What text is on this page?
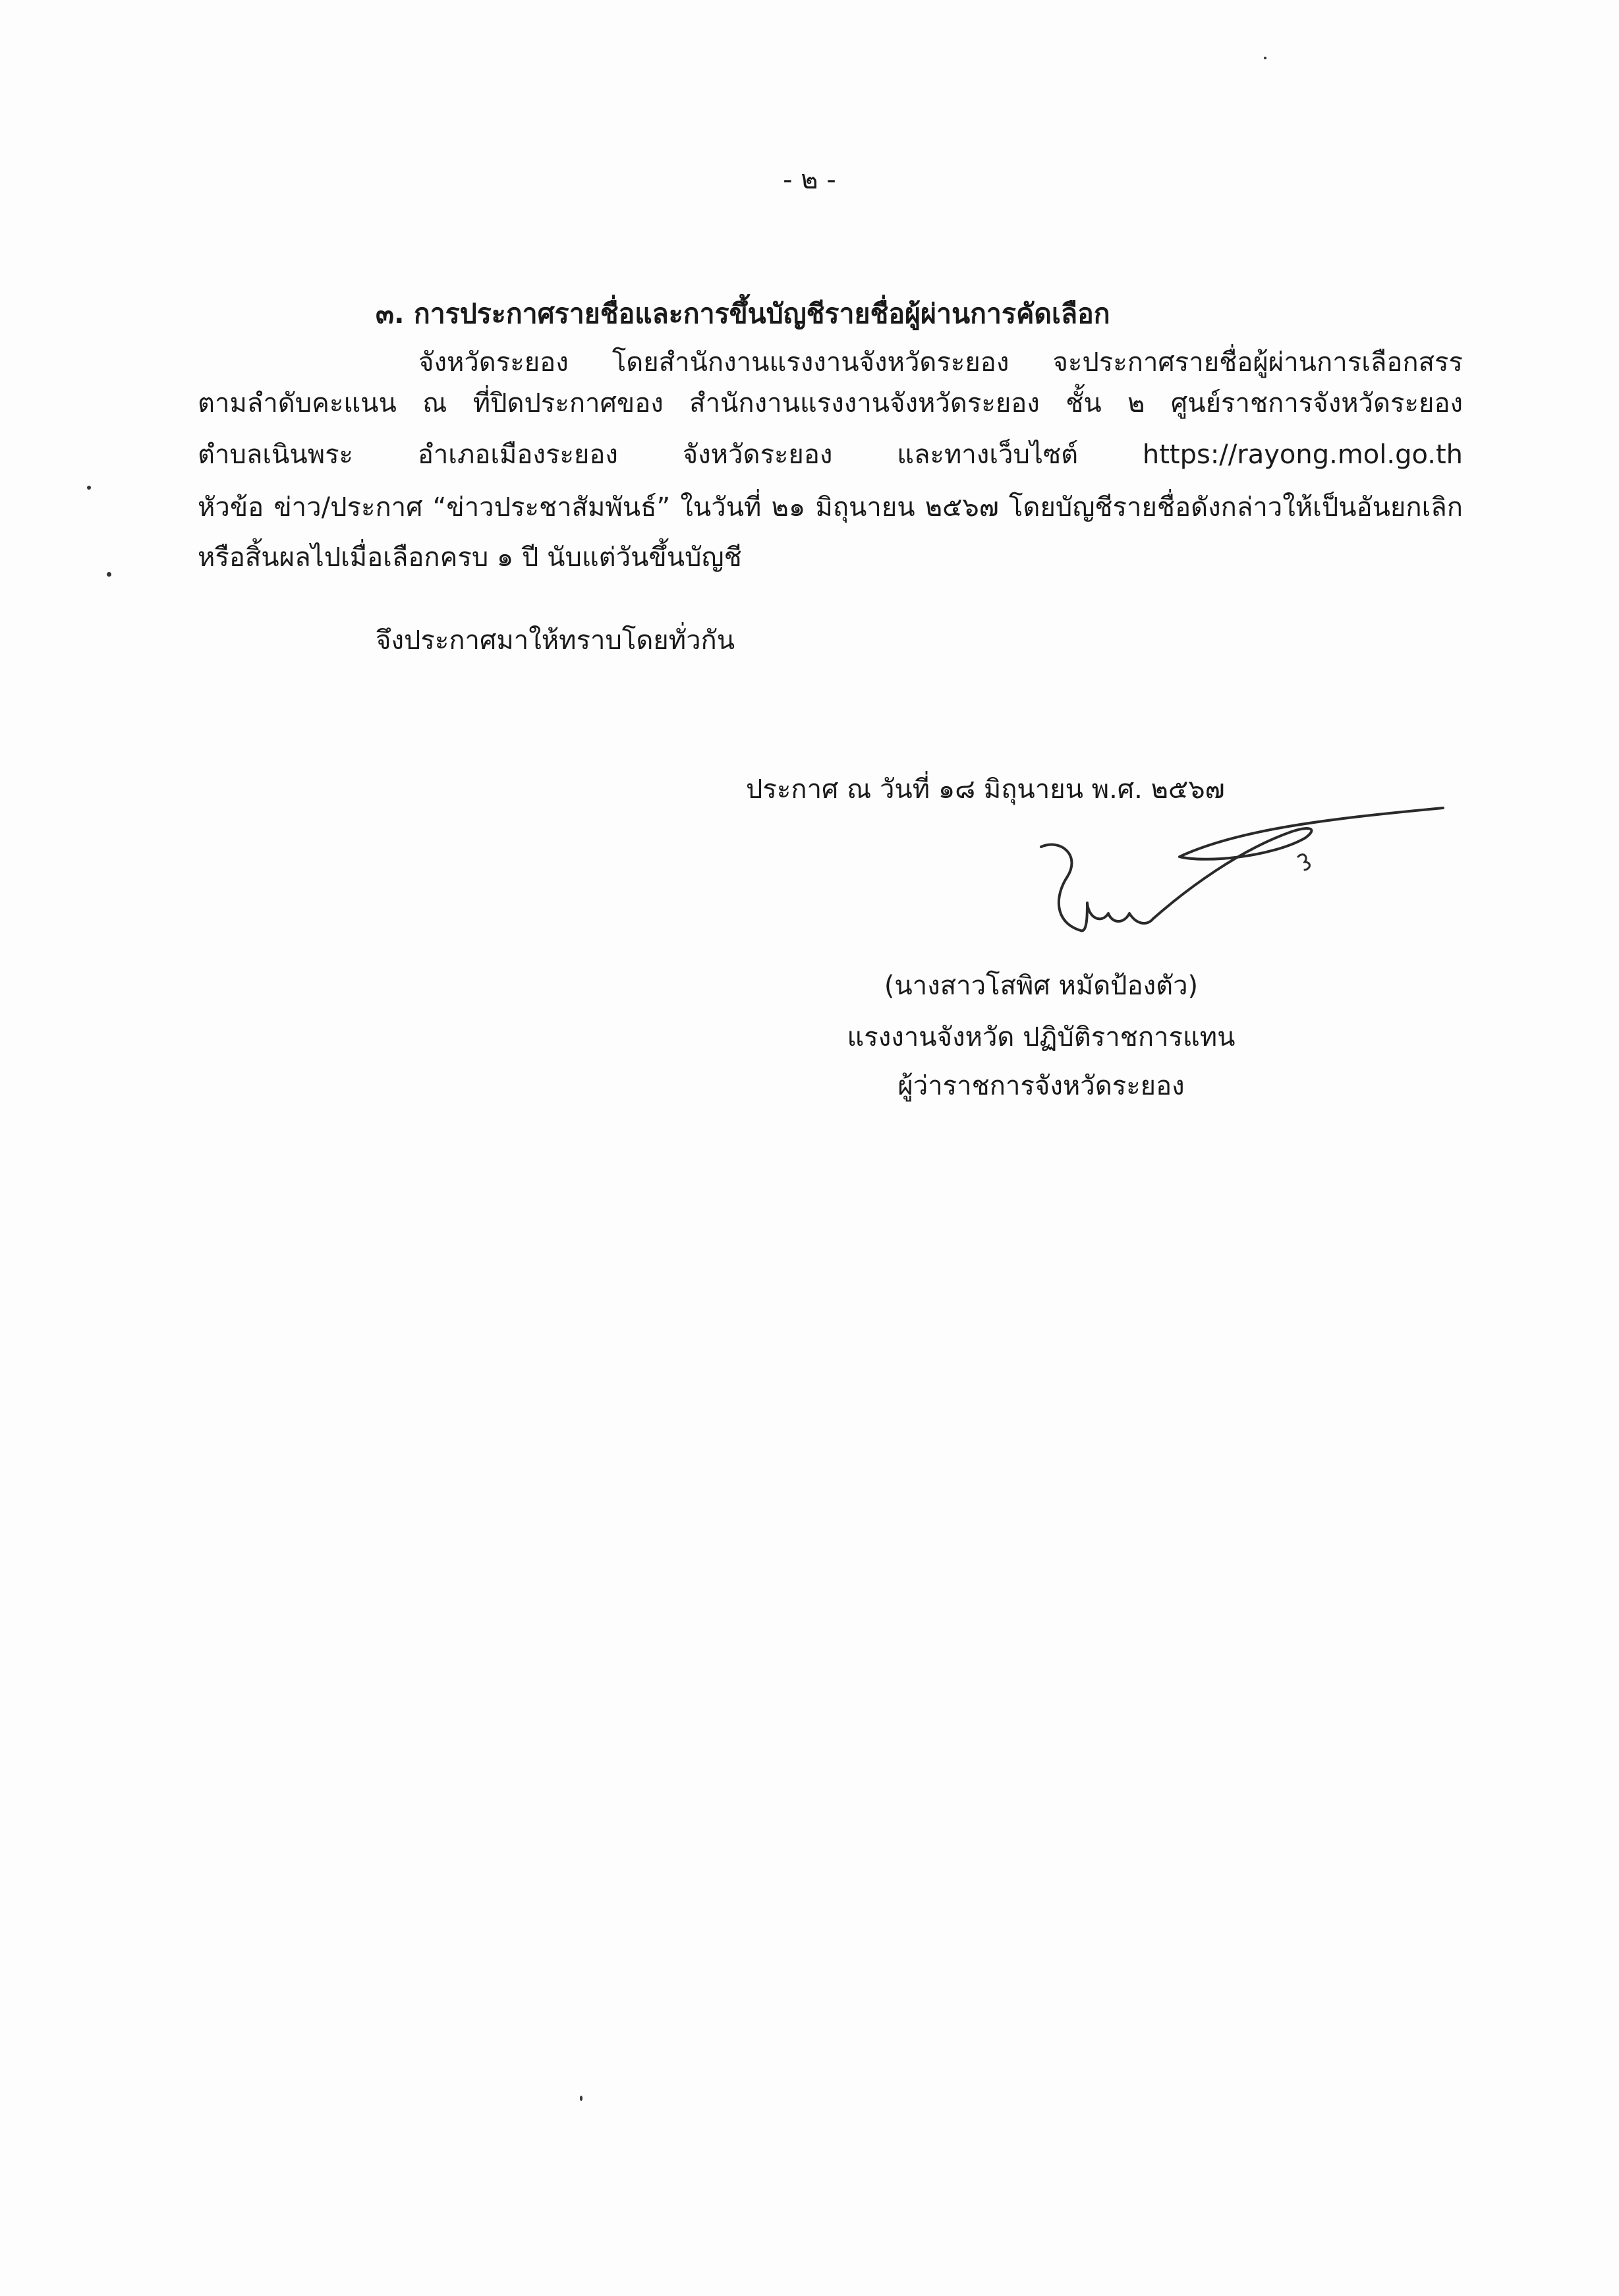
- ๒ -
๓. การประกาศรายชื่อและการขึ้นบัญชีรายชื่อผู้ผ่านการคัดเลือก
จังหวัดระยอง โดยสำนักงานแรงงานจังหวัดระยอง จะประกาศรายชื่อผู้ผ่านการเลือกสรร
ตามลำดับคะแนน ณ ที่ปิดประกาศของ สำนักงานแรงงานจังหวัดระยอง ชั้น ๒ ศูนย์ราชการจังหวัดระยอง
ตำบลเนินพระ อำเภอเมืองระยอง จังหวัดระยอง และทางเว็บไซต์ https://rayong.mol.go.th
หัวข้อ ข่าว/ประกาศ “ข่าวประชาสัมพันธ์” ในวันที่ ๒๑ มิถุนายน ๒๕๖๗ โดยบัญชีรายชื่อดังกล่าวให้เป็นอันยกเลิก
หรือสิ้นผลไปเมื่อเลือกครบ ๑ ปี นับแต่วันขึ้นบัญชี
จึงประกาศมาให้ทราบโดยทั่วกัน
ประกาศ ณ วันที่ ๑๘ มิถุนายน พ.ศ. ๒๕๖๗
(นางสาวโสพิศ หมัดป้องตัว)
แรงงานจังหวัด ปฏิบัติราชการแทน
ผู้ว่าราชการจังหวัดระยอง
